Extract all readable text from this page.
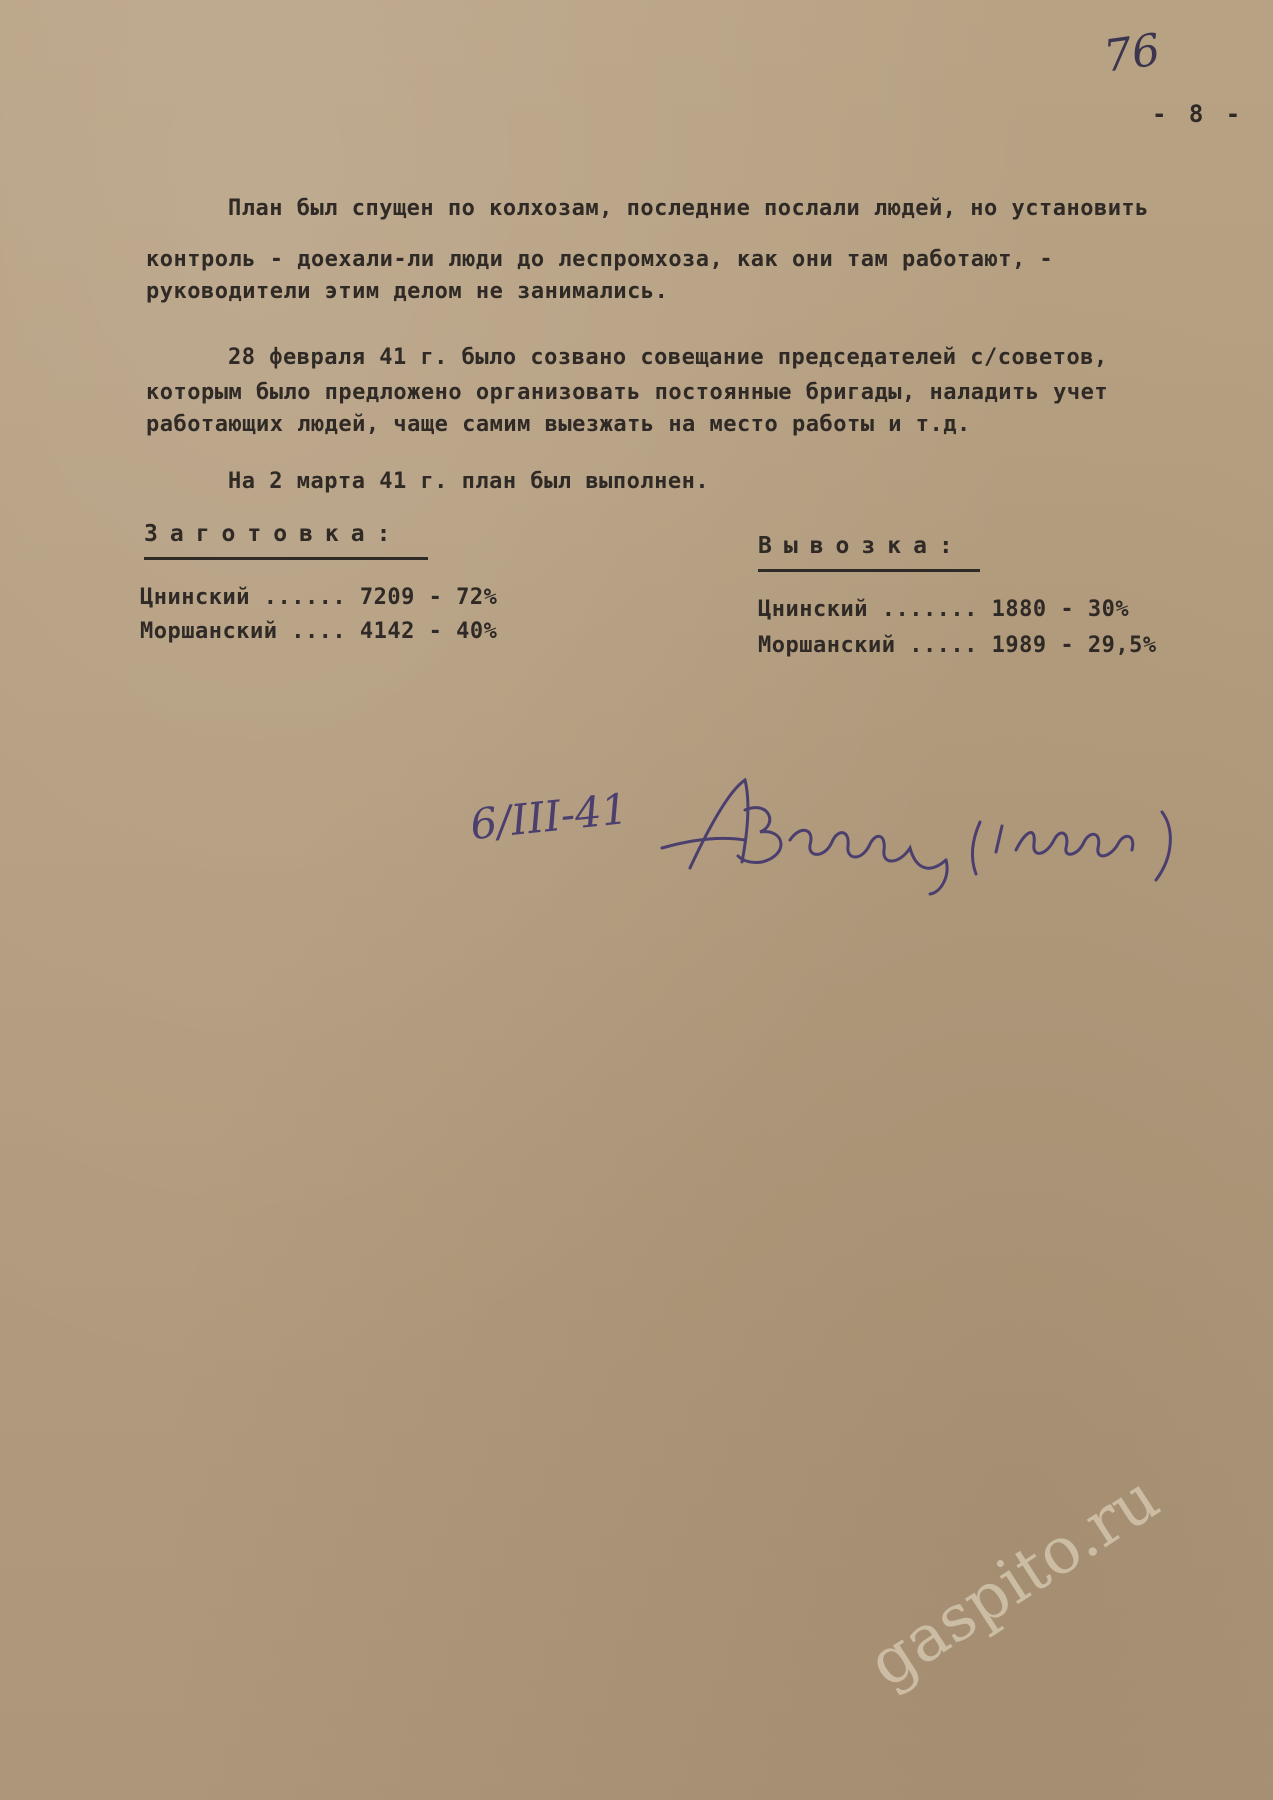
76
- 8 -
План был спущен по колхозам, последние послали людей, но установить
контроль - доехали-ли люди до леспромхоза, как они там работают, -
руководители этим делом не занимались.
28 февраля 41 г. было созвано совещание председателей с/советов,
которым было предложено организовать постоянные бригады, наладить учет
работающих людей, чаще самим выезжать на место работы и т.д.
На 2 марта 41 г. план был выполнен.
Заготовка:
Цнинский ...... 7209 - 72%
Моршанский .... 4142 - 40%
Вывозка:
Цнинский ....... 1880 - 30%
Моршанский ..... 1989 - 29,5%
6/III-41
gaspito.ru
